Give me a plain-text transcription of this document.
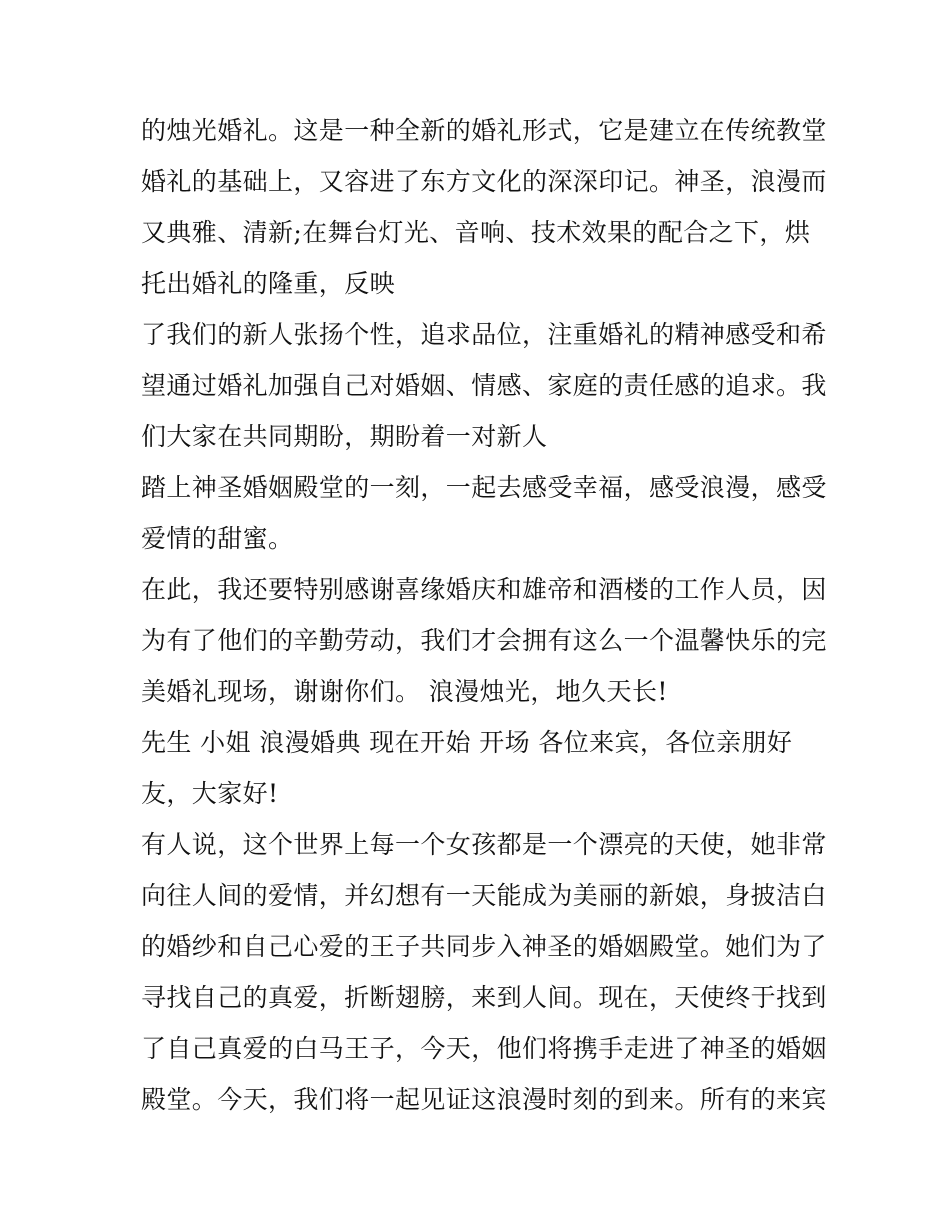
的烛光婚礼。这是一种全新的婚礼形式，它是建立在传统教堂
婚礼的基础上，又容进了东方文化的深深印记。神圣，浪漫而
又典雅、清新;在舞台灯光、音响、技术效果的配合之下，烘
托出婚礼的隆重，反映
了我们的新人张扬个性，追求品位，注重婚礼的精神感受和希
望通过婚礼加强自己对婚姻、情感、家庭的责任感的追求。我
们大家在共同期盼，期盼着一对新人
踏上神圣婚姻殿堂的一刻，一起去感受幸福，感受浪漫，感受
爱情的甜蜜。
在此，我还要特别感谢喜缘婚庆和雄帝和酒楼的工作人员，因
为有了他们的辛勤劳动，我们才会拥有这么一个温馨快乐的完
美婚礼现场，谢谢你们。 浪漫烛光，地久天长!
先生 小姐 浪漫婚典 现在开始 开场 各位来宾，各位亲朋好
友，大家好!
有人说，这个世界上每一个女孩都是一个漂亮的天使，她非常
向往人间的爱情，并幻想有一天能成为美丽的新娘，身披洁白
的婚纱和自己心爱的王子共同步入神圣的婚姻殿堂。她们为了
寻找自己的真爱，折断翅膀，来到人间。现在，天使终于找到
了自己真爱的白马王子，今天，他们将携手走进了神圣的婚姻
殿堂。今天，我们将一起见证这浪漫时刻的到来。所有的来宾
